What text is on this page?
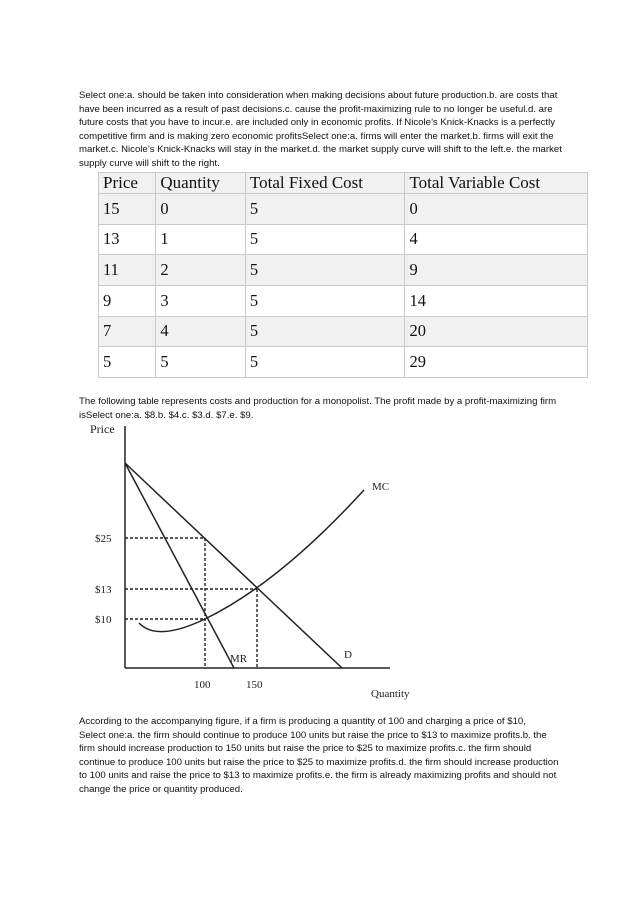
Select one:a. should be taken into consideration when making decisions about future production.b. are costs that have been incurred as a result of past decisions.c. cause the profit-maximizing rule to no longer be useful.d. are future costs that you have to incur.e. are included only in economic profits. If Nicole’s Knick-Knacks is a perfectly competitive firm and is making zero economic profitsSelect one:a. firms will enter the market.b. firms will exit the market.c. Nicole’s Knick-Knacks will stay in the market.d. the market supply curve will shift to the left.e. the market supply curve will shift to the right.

Price	Quantity	Total Fixed Cost	Total Variable Cost
15	0	5	0
13	1	5	4
11	2	5	9
9	3	5	14
7	4	5	20
5	5	5	29

The following table represents costs and production for a monopolist. The profit made by a profit-maximizing firm isSelect one:a. $8.b. $4.c. $3.d. $7.e. $9.

Price
$25
$13
$10
100	150
Quantity
MC
MR	D
According to the accompanying figure, if a firm is producing a quantity of 100 and charging a price of $10,
Select one:a. the firm should continue to produce 100 units but raise the price to $13 to maximize profits.b. the firm should increase production to 150 units but raise the price to $25 to maximize profits.c. the firm should continue to produce 100 units but raise the price to $25 to maximize profits.d. the firm should increase production to 100 units and raise the price to $13 to maximize profits.e. the firm is already maximizing profits and should not change the price or quantity produced.
